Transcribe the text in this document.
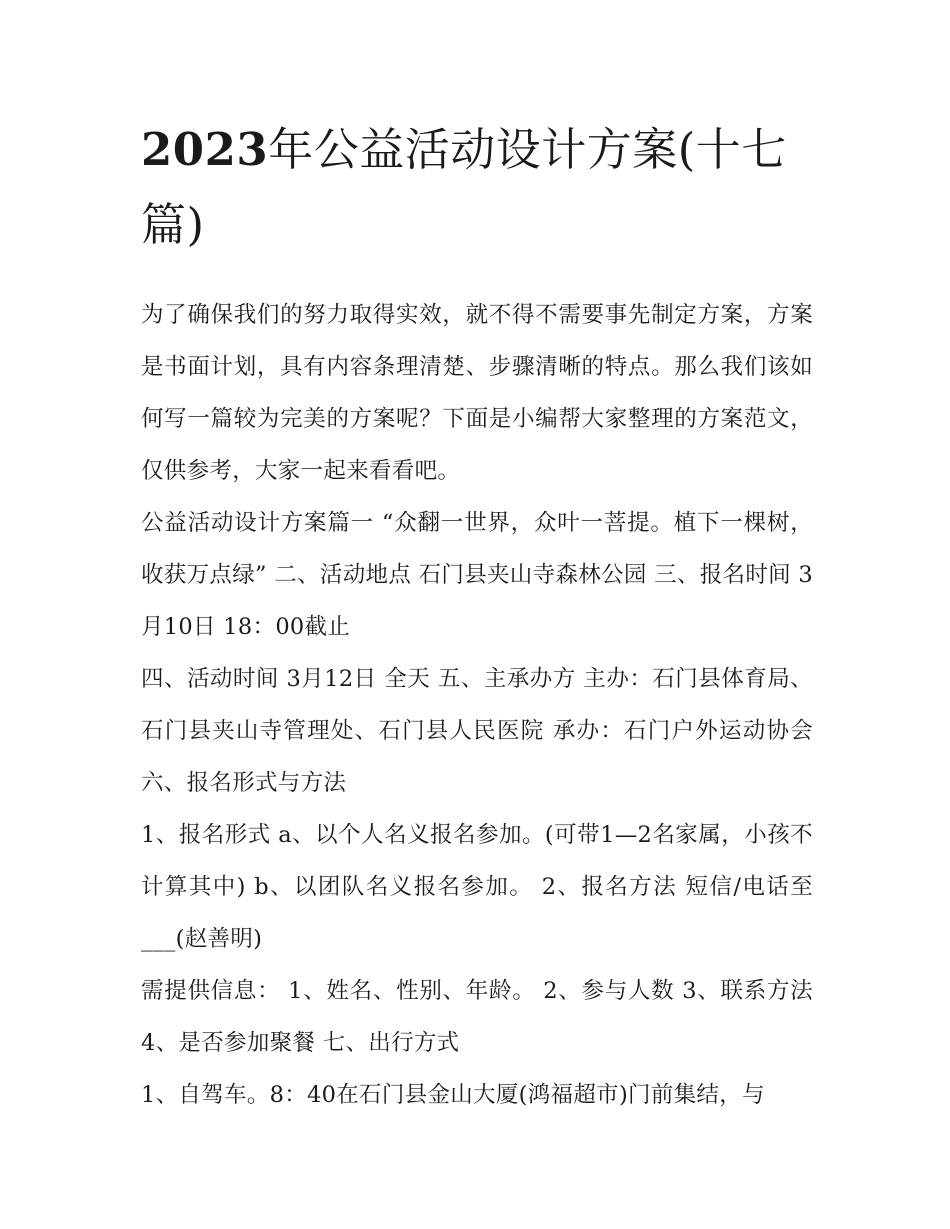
2023年公益活动设计方案(十七篇)

为了确保我们的努力取得实效，就不得不需要事先制定方案，方案是书面计划，具有内容条理清楚、步骤清晰的特点。那么我们该如何写一篇较为完美的方案呢？下面是小编帮大家整理的方案范文，仅供参考，大家一起来看看吧。

公益活动设计方案篇一 “众翻一世界，众叶一菩提。植下一棵树，收获万点绿” 二、活动地点 石门县夹山寺森林公园 三、报名时间 3月10日 18：00截止

四、活动时间 3月12日 全天 五、主承办方 主办：石门县体育局、石门县夹山寺管理处、石门县人民医院 承办：石门户外运动协会 六、报名形式与方法

1、报名形式 a、以个人名义报名参加。(可带1—2名家属，小孩不计算其中) b、以团队名义报名参加。 2、报名方法 短信/电话至___(赵善明)

需提供信息： 1、姓名、性别、年龄。 2、参与人数 3、联系方法 4、是否参加聚餐 七、出行方式

1、自驾车。8：40在石门县金山大厦(鸿福超市)门前集结，与
